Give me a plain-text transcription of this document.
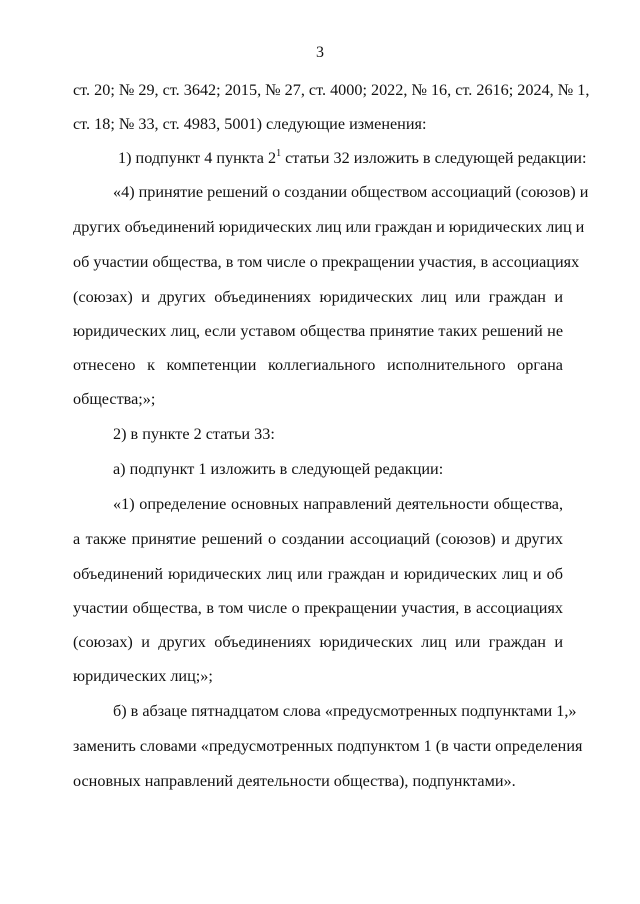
3
ст. 20; № 29, ст. 3642; 2015, № 27, ст. 4000; 2022, № 16, ст. 2616; 2024, № 1,
ст. 18; № 33, ст. 4983, 5001) следующие изменения:
1) подпункт 4 пункта $2^1$ статьи 32 изложить в следующей редакции:
«4) принятие решений о создании обществом ассоциаций (союзов) и
других объединений юридических лиц или граждан и юридических лиц и
об участии общества, в том числе о прекращении участия, в ассоциациях
(союзах) и других объединениях юридических лиц или граждан и
юридических лиц, если уставом общества принятие таких решений не
отнесено к компетенции коллегиального исполнительного органа
общества;»;
2) в пункте 2 статьи 33:
а) подпункт 1 изложить в следующей редакции:
«1) определение основных направлений деятельности общества,
а также принятие решений о создании ассоциаций (союзов) и других
объединений юридических лиц или граждан и юридических лиц и об
участии общества, в том числе о прекращении участия, в ассоциациях
(союзах) и других объединениях юридических лиц или граждан и
юридических лиц;»;
б) в абзаце пятнадцатом слова «предусмотренных подпунктами 1,»
заменить словами «предусмотренных подпунктом 1 (в части определения
основных направлений деятельности общества), подпунктами».
